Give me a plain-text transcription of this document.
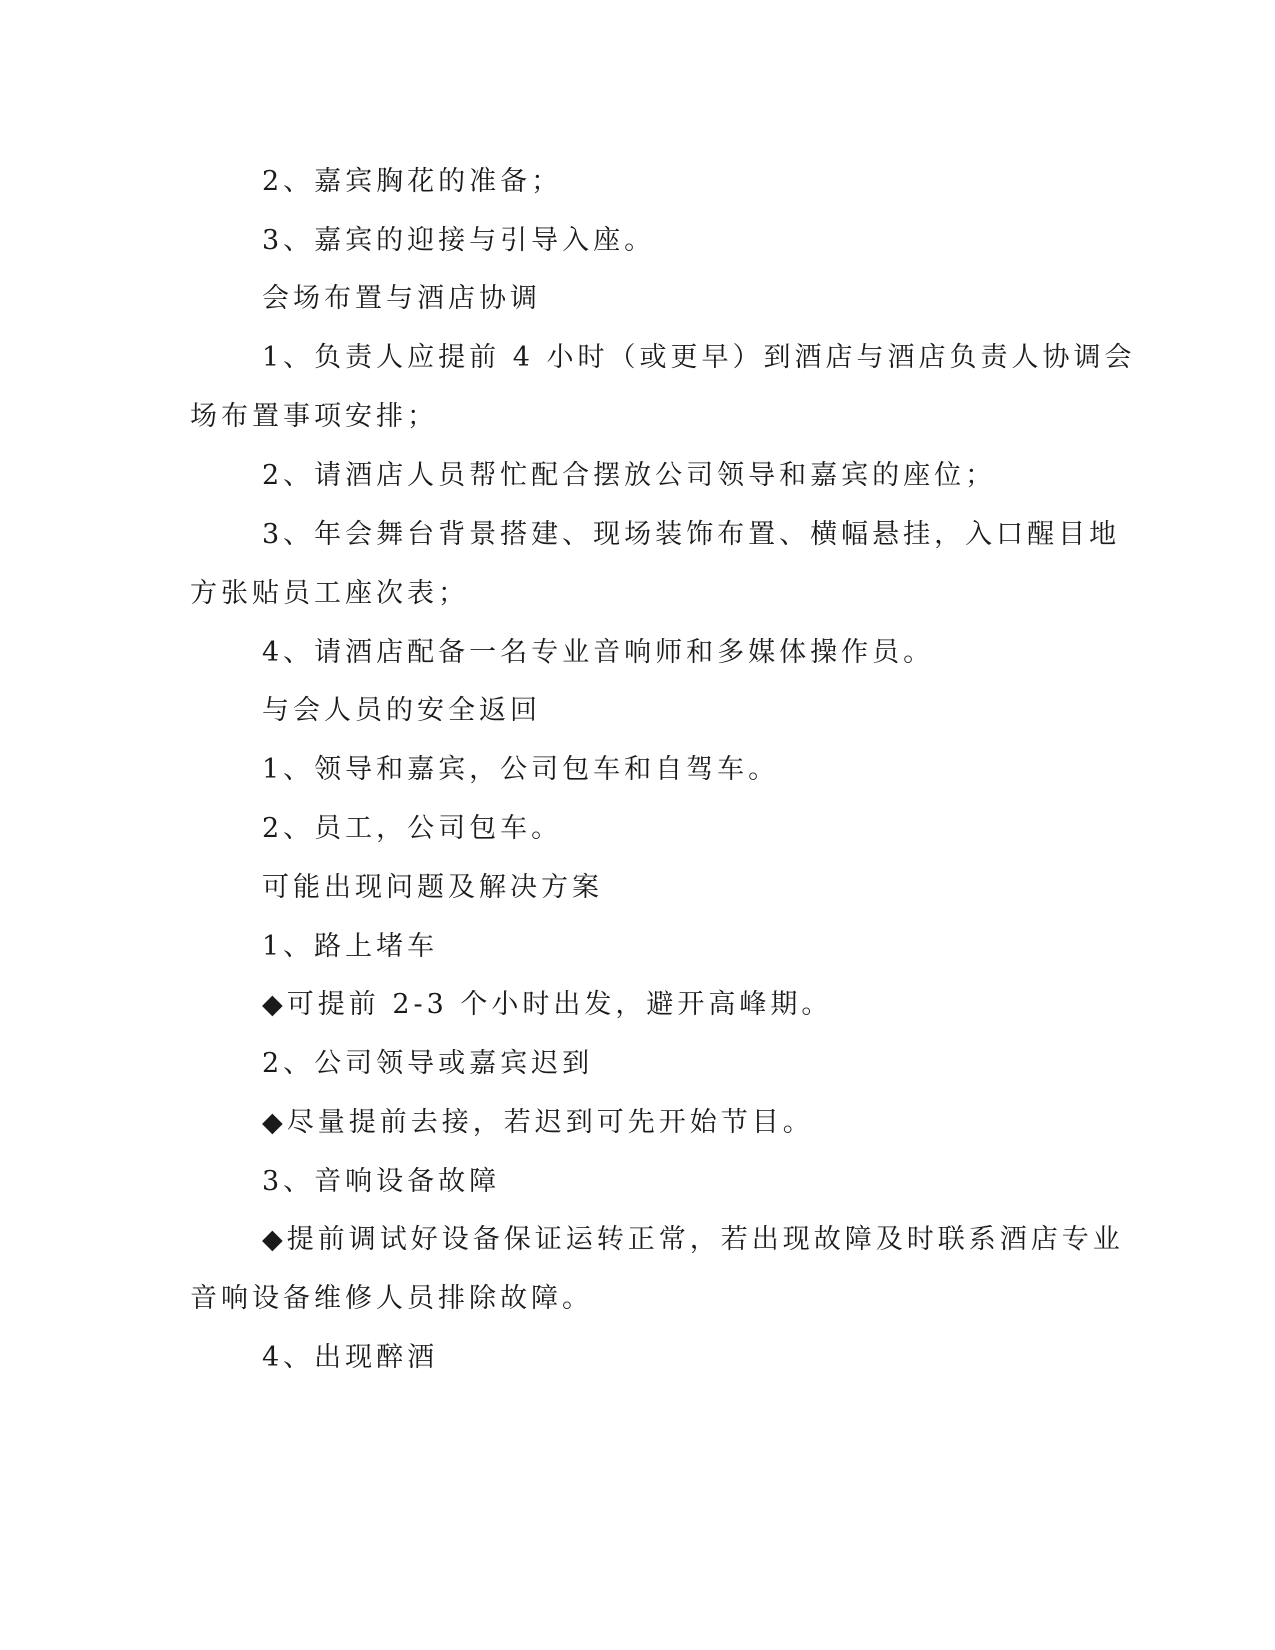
2、嘉宾胸花的准备；
3、嘉宾的迎接与引导入座。
会场布置与酒店协调
1、负责人应提前 4 小时（或更早）到酒店与酒店负责人协调会
场布置事项安排；
2、请酒店人员帮忙配合摆放公司领导和嘉宾的座位；
3、年会舞台背景搭建、现场装饰布置、横幅悬挂，入口醒目地
方张贴员工座次表；
4、请酒店配备一名专业音响师和多媒体操作员。
与会人员的安全返回
1、领导和嘉宾，公司包车和自驾车。
2、员工，公司包车。
可能出现问题及解决方案
1、路上堵车
◆可提前 2-3 个小时出发，避开高峰期。
2、公司领导或嘉宾迟到
◆尽量提前去接，若迟到可先开始节目。
3、音响设备故障
◆提前调试好设备保证运转正常，若出现故障及时联系酒店专业
音响设备维修人员排除故障。
4、出现醉酒
